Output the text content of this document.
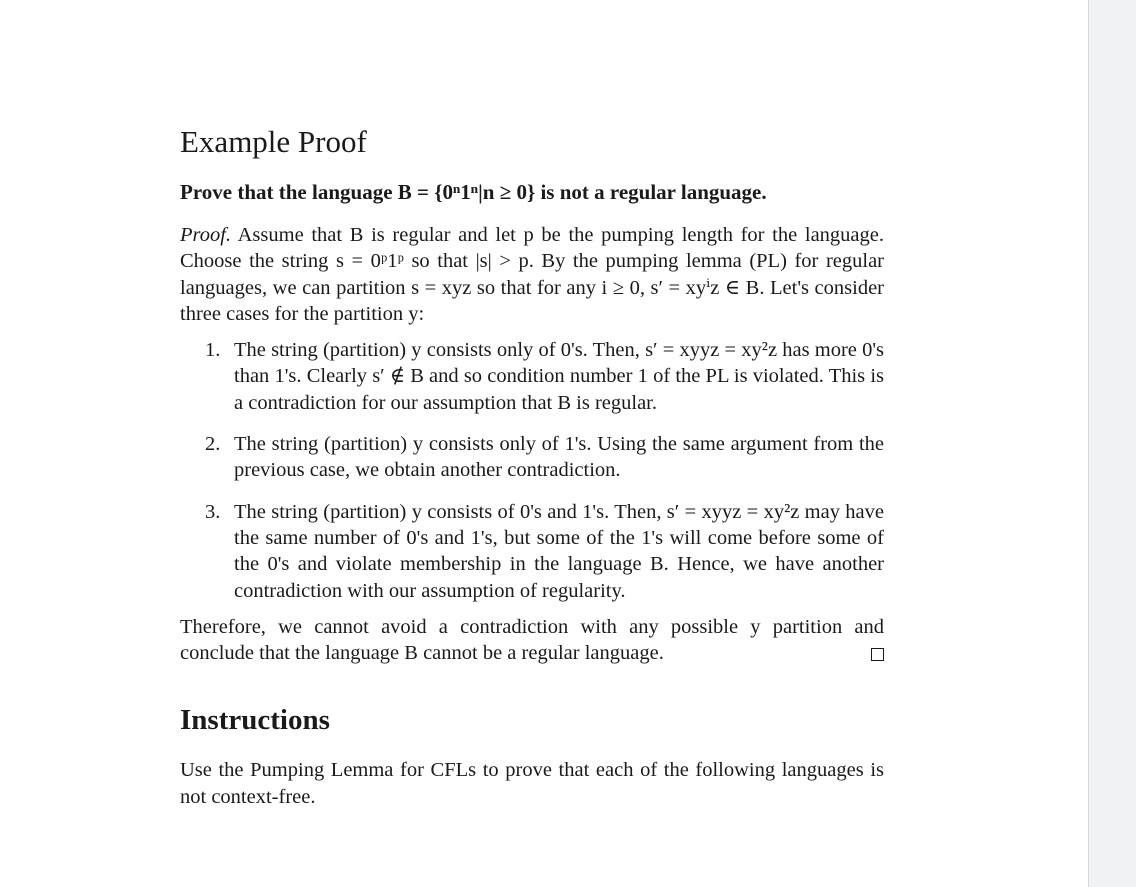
Example Proof
Prove that the language B = {0ⁿ1ⁿ|n ≥ 0} is not a regular language.

Proof. Assume that B is regular and let p be the pumping length for the language. Choose the string s = 0ᵖ1ᵖ so that |s| > p. By the pumping lemma (PL) for regular languages, we can partition s = xyz so that for any i ≥ 0, s′ = xyⁱz ∈ B. Let's consider three cases for the partition y:

1. The string (partition) y consists only of 0's. Then, s′ = xyyz = xy²z has more 0's than 1's. Clearly s′ ∉ B and so condition number 1 of the PL is violated. This is a contradiction for our assumption that B is regular.
2. The string (partition) y consists only of 1's. Using the same argument from the previous case, we obtain another contradiction.
3. The string (partition) y consists of 0's and 1's. Then, s′ = xyyz = xy²z may have the same number of 0's and 1's, but some of the 1's will come before some of the 0's and violate membership in the language B. Hence, we have another contradiction with our assumption of regularity.

Therefore, we cannot avoid a contradiction with any possible y partition and conclude that the language B cannot be a regular language.

Instructions

Use the Pumping Lemma for CFLs to prove that each of the following languages is not context-free.
